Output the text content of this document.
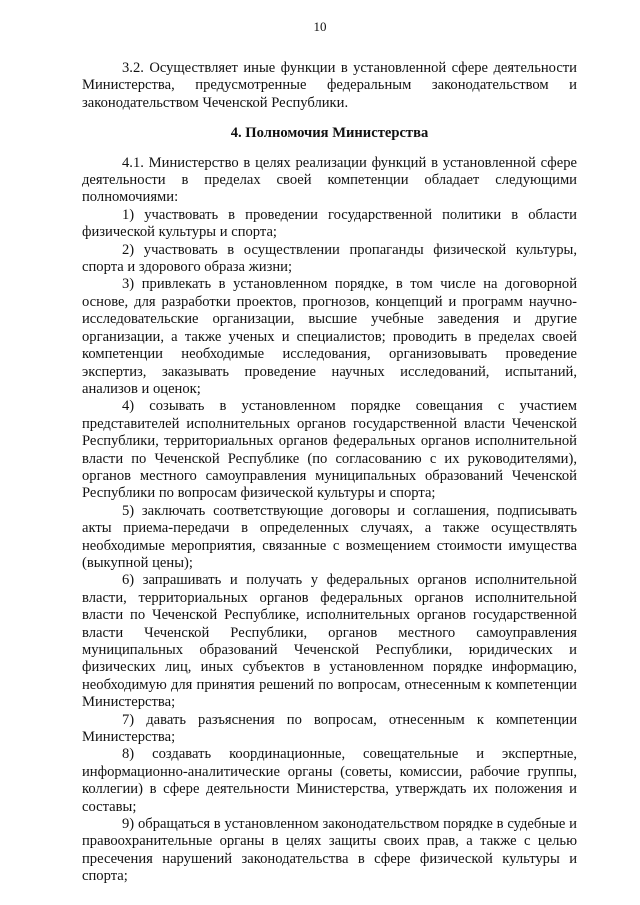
10

3.2. Осуществляет иные функции в установленной сфере деятельности Министерства, предусмотренные федеральным законодательством и законодательством Чеченской Республики.

4. Полномочия Министерства

4.1. Министерство в целях реализации функций в установленной сфере деятельности в пределах своей компетенции обладает следующими полномочиями:

1) участвовать в проведении государственной политики в области физической культуры и спорта;

2) участвовать в осуществлении пропаганды физической культуры, спорта и здорового образа жизни;

3) привлекать в установленном порядке, в том числе на договорной основе, для разработки проектов, прогнозов, концепций и программ научно-исследовательские организации, высшие учебные заведения и другие организации, а также ученых и специалистов; проводить в пределах своей компетенции необходимые исследования, организовывать проведение экспертиз, заказывать проведение научных исследований, испытаний, анализов и оценок;

4) созывать в установленном порядке совещания с участием представителей исполнительных органов государственной власти Чеченской Республики, территориальных органов федеральных органов исполнительной власти по Чеченской Республике (по согласованию с их руководителями), органов местного самоуправления муниципальных образований Чеченской Республики по вопросам физической культуры и спорта;

5) заключать соответствующие договоры и соглашения, подписывать акты приема-передачи в определенных случаях, а также осуществлять необходимые мероприятия, связанные с возмещением стоимости имущества (выкупной цены);

6) запрашивать и получать у федеральных органов исполнительной власти, территориальных органов федеральных органов исполнительной власти по Чеченской Республике, исполнительных органов государственной власти Чеченской Республики, органов местного самоуправления муниципальных образований Чеченской Республики, юридических и физических лиц, иных субъектов в установленном порядке информацию, необходимую для принятия решений по вопросам, отнесенным к компетенции Министерства;

7) давать разъяснения по вопросам, отнесенным к компетенции Министерства;

8) создавать координационные, совещательные и экспертные, информационно-аналитические органы (советы, комиссии, рабочие группы, коллегии) в сфере деятельности Министерства, утверждать их положения и составы;

9) обращаться в установленном законодательством порядке в судебные и правоохранительные органы в целях защиты своих прав, а также с целью пресечения нарушений законодательства в сфере физической культуры и спорта;
